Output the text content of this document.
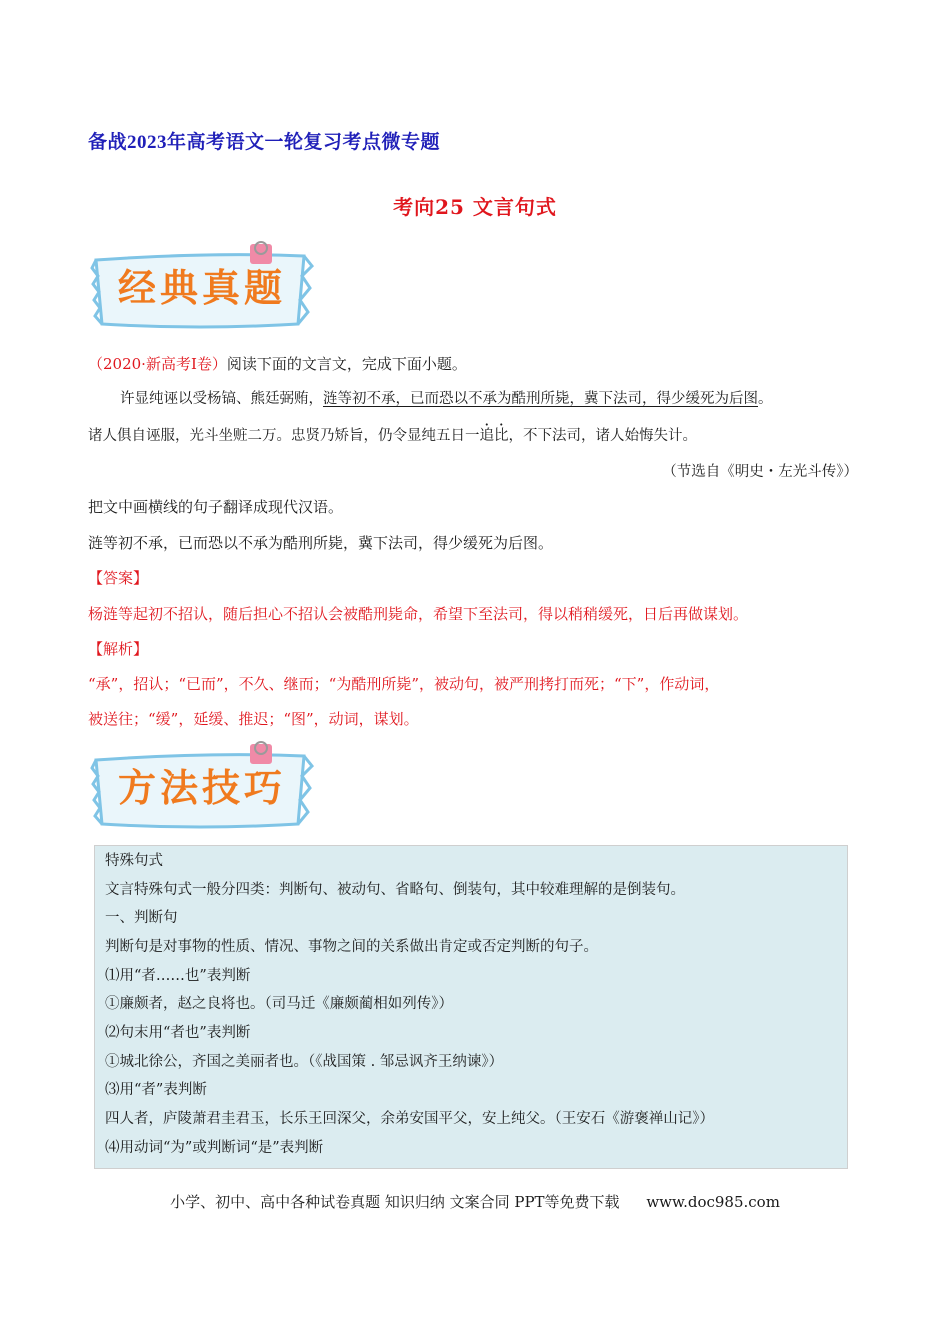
备战2023年高考语文一轮复习考点微专题
考向25 文言句式
经典真题
（2020·新高考Ⅰ卷）阅读下面的文言文，完成下面小题。
许显纯诬以受杨镐、熊廷弼贿，涟等初不承，已而恐以不承为酷刑所毙，冀下法司，得少缓死为后图。
诸人俱自诬服，光斗坐赃二万。忠贤乃矫旨，仍令显纯五日一追比，不下法司，诸人始悔失计。
（节选自《明史・左光斗传》）
把文中画横线的句子翻译成现代汉语。
涟等初不承，已而恐以不承为酷刑所毙，冀下法司，得少缓死为后图。
【答案】
杨涟等起初不招认，随后担心不招认会被酷刑毙命，希望下至法司，得以稍稍缓死，日后再做谋划。
【解析】
“承”，招认；“已而”，不久、继而；“为酷刑所毙”，被动句，被严刑拷打而死；“下”，作动词，
被送往；“缓”，延缓、推迟；“图”，动词，谋划。
方法技巧
特殊句式
文言特殊句式一般分四类：判断句、被动句、省略句、倒装句，其中较难理解的是倒装句。
一、判断句
判断句是对事物的性质、情况、事物之间的关系做出肯定或否定判断的句子。
⑴用“者……也”表判断
①廉颇者，赵之良将也。（司马迁《廉颇蔺相如列传》）
⑵句末用“者也”表判断
①城北徐公，齐国之美丽者也。（《战国策 . 邹忌讽齐王纳谏》）
⑶用“者”表判断
四人者，庐陵萧君圭君玉，长乐王回深父，余弟安国平父，安上纯父。（王安石《游褒禅山记》）
⑷用动词“为”或判断词“是”表判断
小学、初中、高中各种试卷真题 知识归纳 文案合同 PPT等免费下载 www.doc985.com
